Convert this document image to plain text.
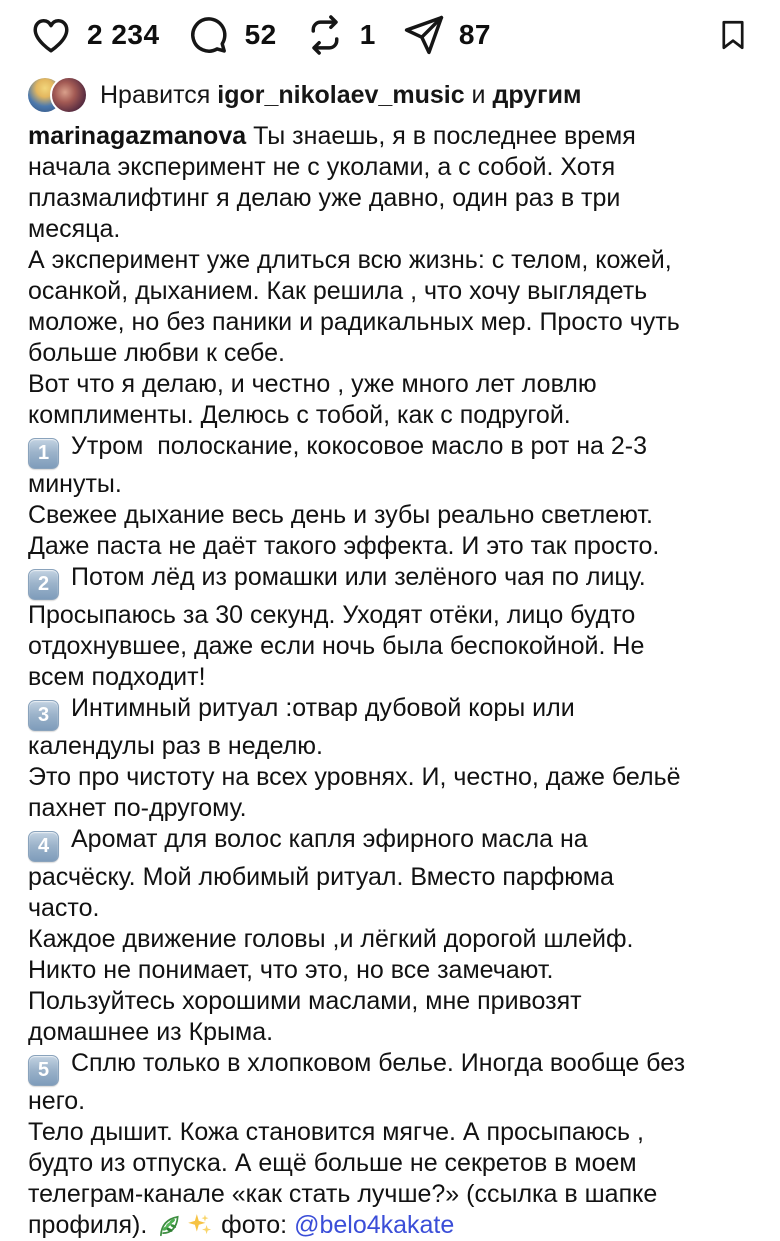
2 234	52	1	87
Нравится igor_nikolaev_music и другим
marinagazmanova Ты знаешь, я в последнее время
начала эксперимент не с уколами, а с собой. Хотя
плазмалифтинг я делаю уже давно, один раз в три
месяца.
А эксперимент уже длиться всю жизнь: с телом, кожей,
осанкой, дыханием. Как решила , что хочу выглядеть
моложе, но без паники и радикальных мер. Просто чуть
больше любви к себе.
Вот что я делаю, и честно , уже много лет ловлю
комплименты. Делюсь с тобой, как с подругой.
1 Утром  полоскание, кокосовое масло в рот на 2-3
минуты.
Свежее дыхание весь день и зубы реально светлеют.
Даже паста не даёт такого эффекта. И это так просто.
2 Потом лёд из ромашки или зелёного чая по лицу.
Просыпаюсь за 30 секунд. Уходят отёки, лицо будто
отдохнувшее, даже если ночь была беспокойной. Не
всем подходит!
3 Интимный ритуал :отвар дубовой коры или
календулы раз в неделю.
Это про чистоту на всех уровнях. И, честно, даже бельё
пахнет по-другому.
4 Аромат для волос капля эфирного масла на
расчёску. Мой любимый ритуал. Вместо парфюма
часто.
Каждое движение головы ,и лёгкий дорогой шлейф.
Никто не понимает, что это, но все замечают.
Пользуйтесь хорошими маслами, мне привозят
домашнее из Крыма.
5 Сплю только в хлопковом белье. Иногда вообще без
него.
Тело дышит. Кожа становится мягче. А просыпаюсь ,
будто из отпуска. А ещё больше не секретов в моем
телеграм-канале «как стать лучше?» (ссылка в шапке
профиля).  фото: @belo4kakate
